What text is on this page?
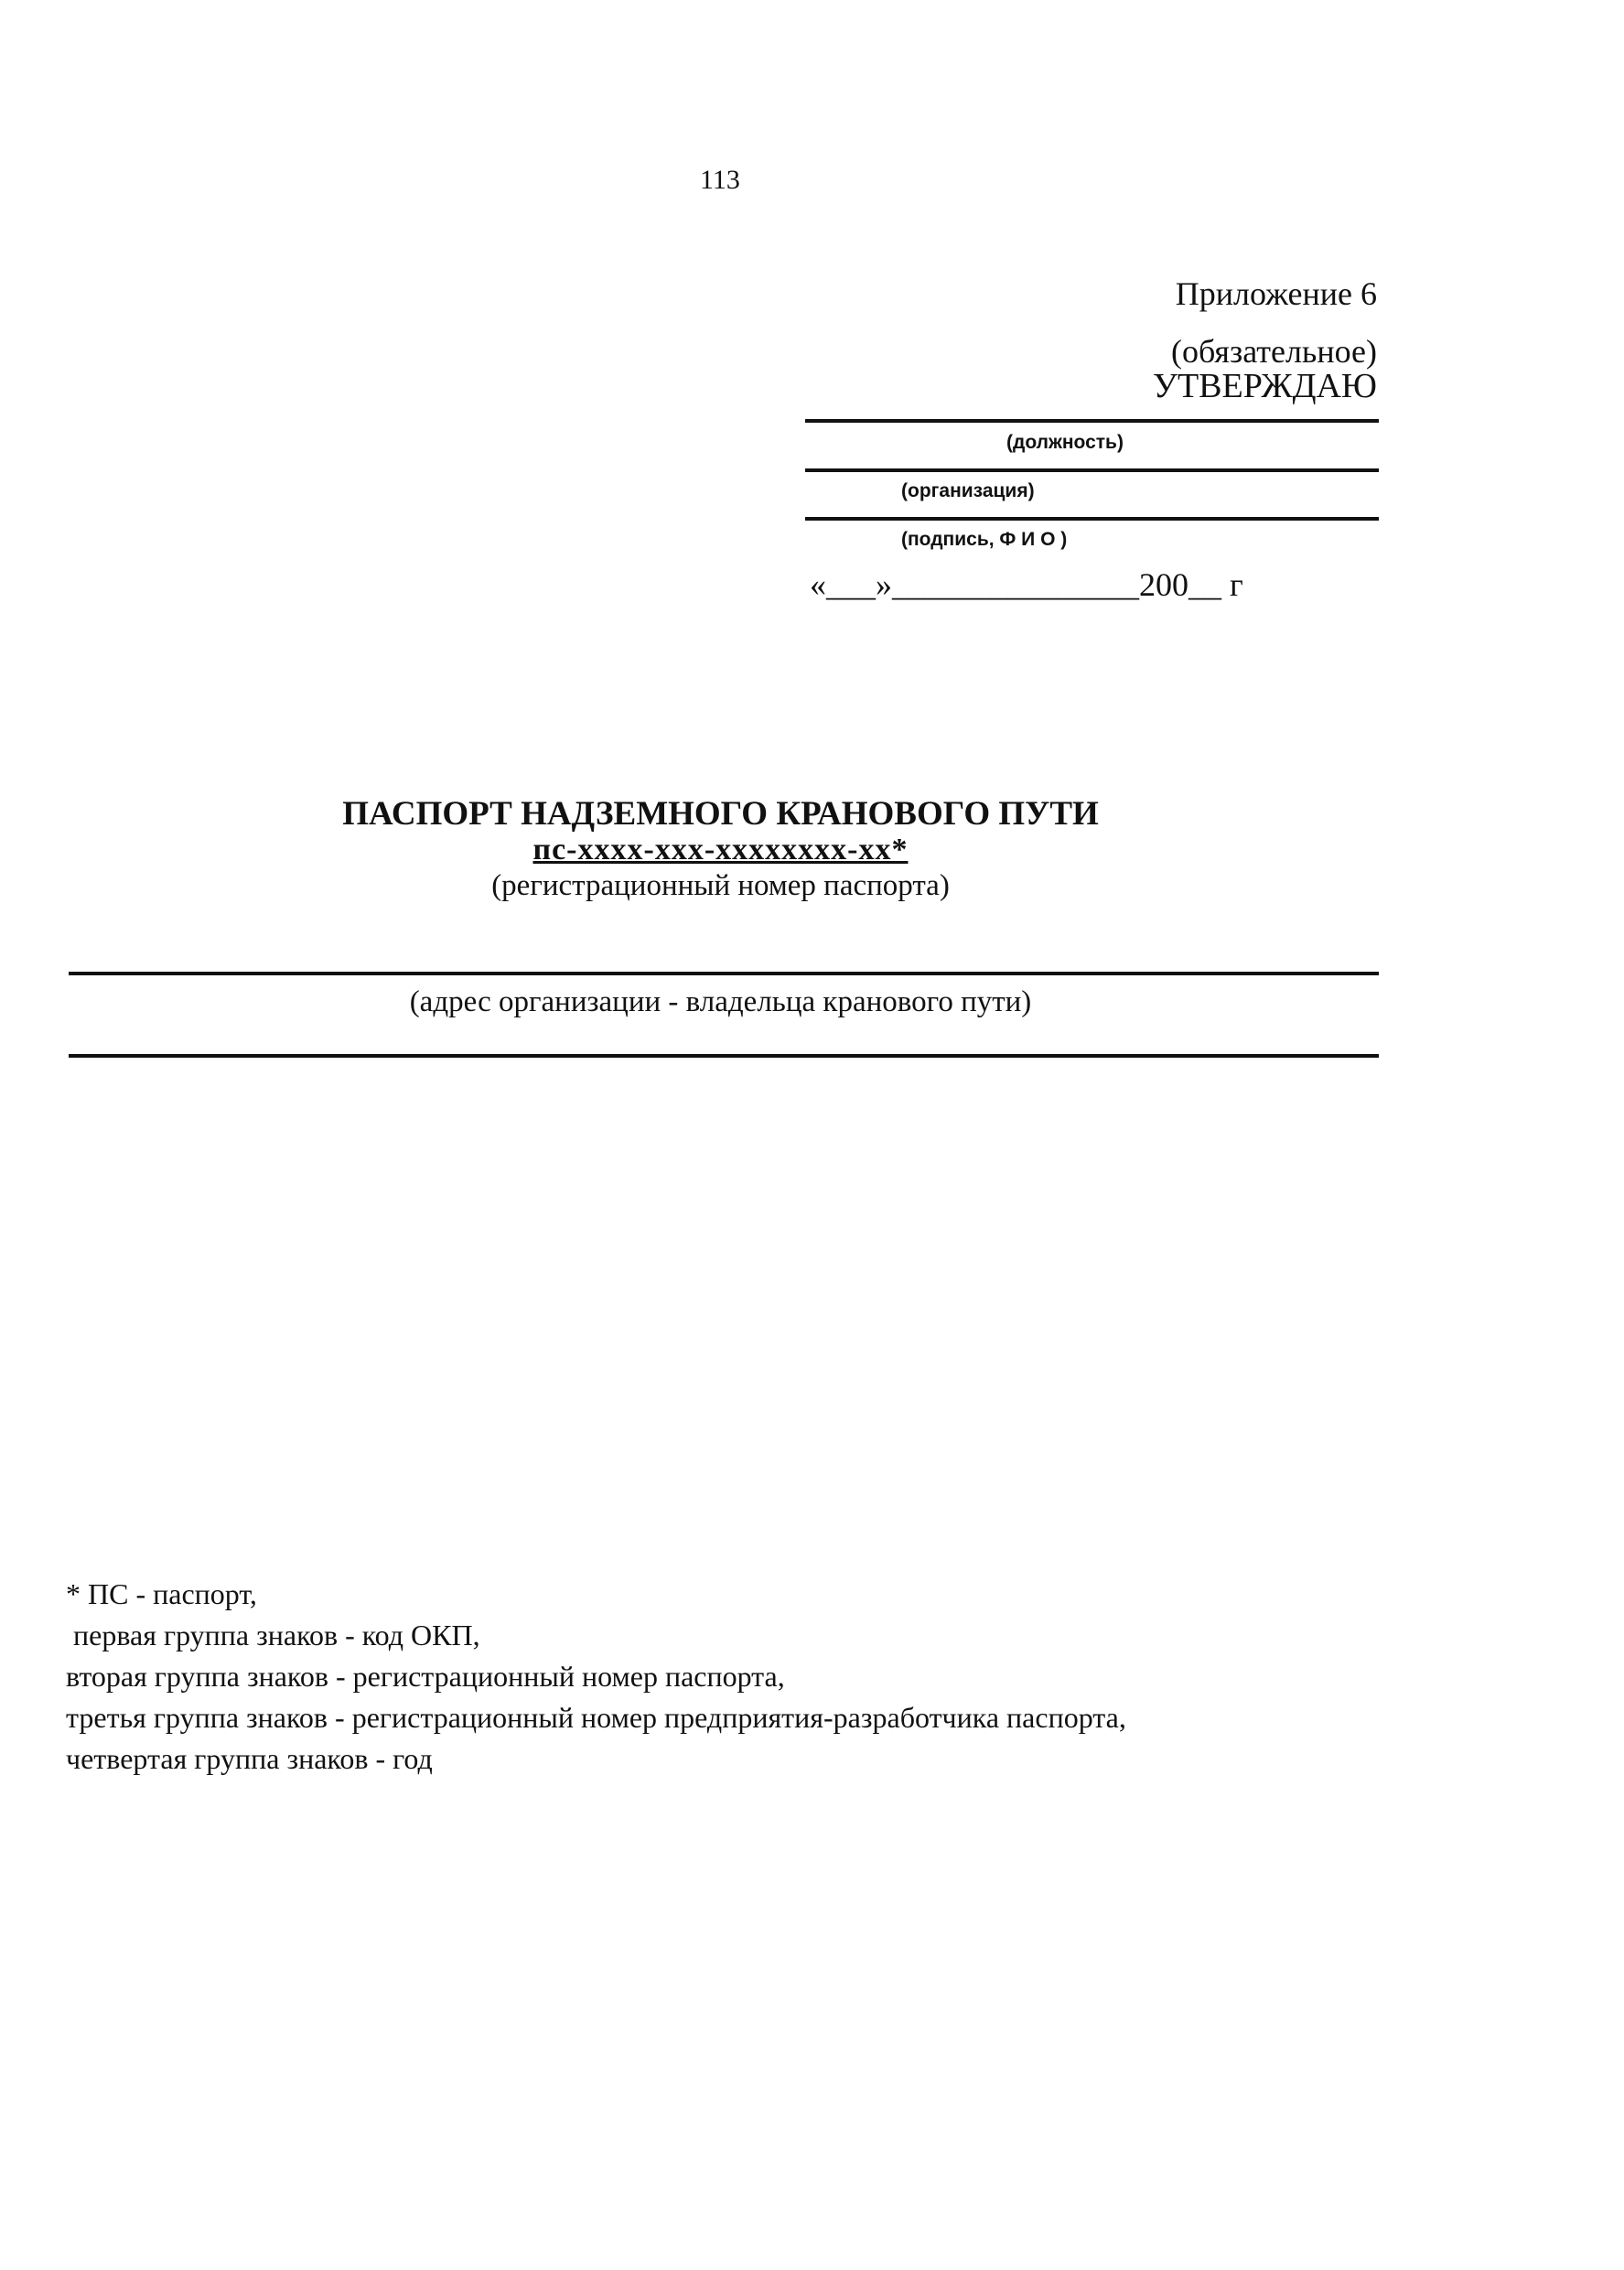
113
Приложение 6
(обязательное)
УТВЕРЖДАЮ
(должность)
(организация)
(подпись, Ф И О )
«___»_______________200__ г
ПАСПОРТ НАДЗЕМНОГО КРАНОВОГО ПУТИ
пс-хххх-ххх-хххххххх-хх*
(регистрационный номер паспорта)
(адрес организации - владельца кранового пути)
* ПС - паспорт,
первая группа знаков - код ОКП,
вторая группа знаков - регистрационный номер паспорта,
третья группа знаков - регистрационный номер предприятия-разработчика паспорта,
четвертая группа знаков - год
